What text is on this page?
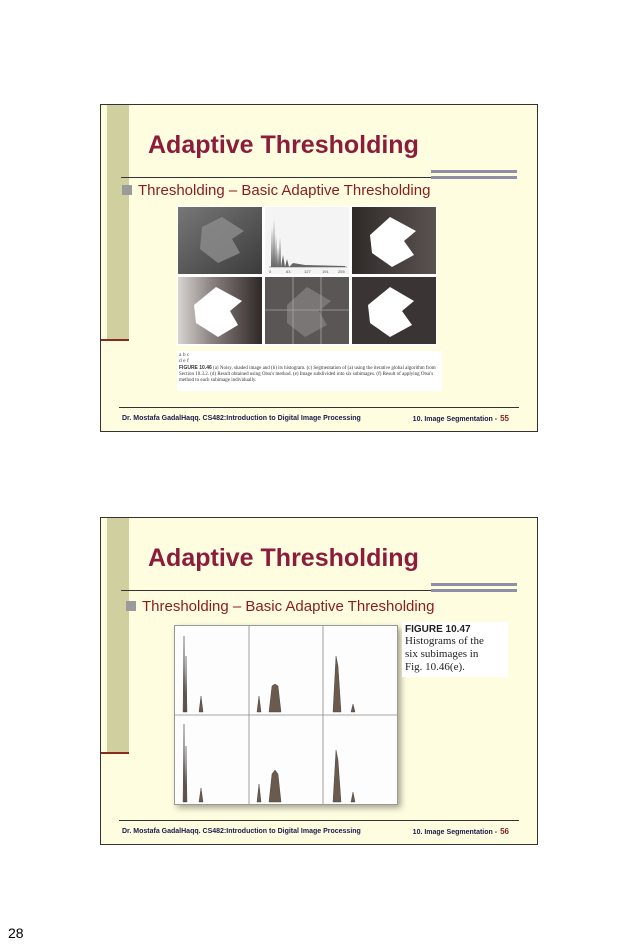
Adaptive Thresholding
Thresholding – Basic Adaptive Thresholding
0	63	127	191 255
a b c
d e f
FIGURE 10.46 (a) Noisy, shaded image and (b) its histogram. (c) Segmentation of (a) using the iterative global algorithm from Section 10.3.2. (d) Result obtained using Otsu's method. (e) Image subdivided into six subimages. (f) Result of applying Otsu's method to each subimage individually.
Dr. Mostafa GadalHaqq. CS482:Introduction to Digital Image Processing	10. Image Segmentation - 55
Adaptive Thresholding
Thresholding – Basic Adaptive Thresholding
FIGURE 10.47
Histograms of the
six subimages in
Fig. 10.46(e).
Dr. Mostafa GadalHaqq. CS482:Introduction to Digital Image Processing	10. Image Segmentation - 56
28
